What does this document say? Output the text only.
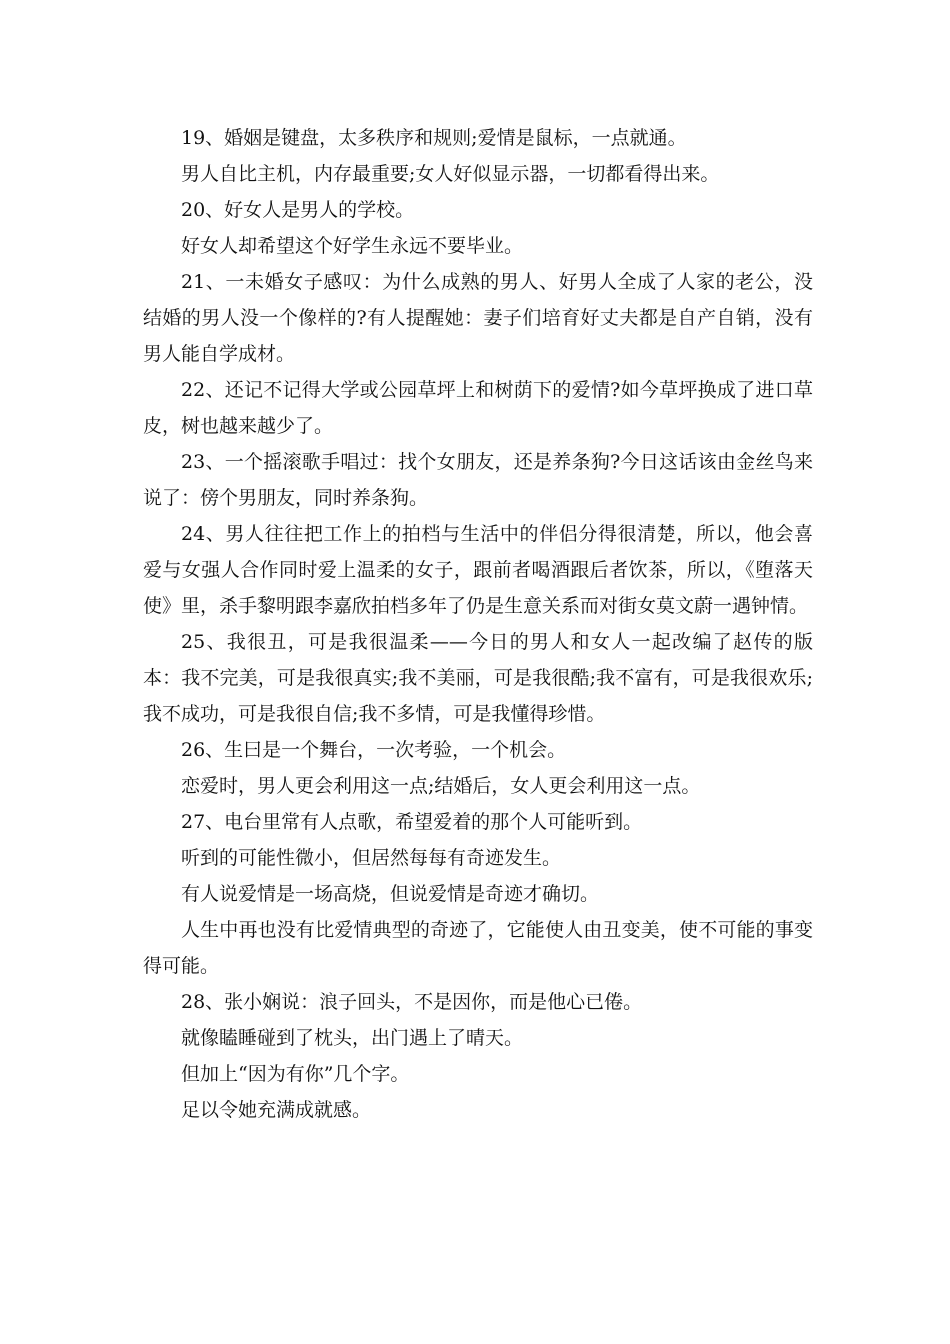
19、婚姻是键盘，太多秩序和规则;爱情是鼠标，一点就通。

男人自比主机，内存最重要;女人好似显示器，一切都看得出来。

20、好女人是男人的学校。

好女人却希望这个好学生永远不要毕业。

21、一未婚女子感叹：为什么成熟的男人、好男人全成了人家的老公，没结婚的男人没一个像样的?有人提醒她：妻子们培育好丈夫都是自产自销，没有男人能自学成材。

22、还记不记得大学或公园草坪上和树荫下的爱情?如今草坪换成了进口草皮，树也越来越少了。

23、一个摇滚歌手唱过：找个女朋友，还是养条狗?今日这话该由金丝鸟来说了：傍个男朋友，同时养条狗。

24、男人往往把工作上的拍档与生活中的伴侣分得很清楚，所以，他会喜爱与女强人合作同时爱上温柔的女子，跟前者喝酒跟后者饮茶，所以，《堕落天使》里，杀手黎明跟李嘉欣拍档多年了仍是生意关系而对街女莫文蔚一遇钟情。

25、我很丑，可是我很温柔——今日的男人和女人一起改编了赵传的版本：我不完美，可是我很真实;我不美丽，可是我很酷;我不富有，可是我很欢乐;我不成功，可是我很自信;我不多情，可是我懂得珍惜。

26、生曰是一个舞台，一次考验，一个机会。

恋爱时，男人更会利用这一点;结婚后，女人更会利用这一点。

27、电台里常有人点歌，希望爱着的那个人可能听到。

听到的可能性微小，但居然每每有奇迹发生。

有人说爱情是一场高烧，但说爱情是奇迹才确切。

人生中再也没有比爱情典型的奇迹了，它能使人由丑变美，使不可能的事变得可能。

28、张小娴说：浪子回头，不是因你，而是他心已倦。

就像瞌睡碰到了枕头，出门遇上了晴天。

但加上“因为有你”几个字。

足以令她充满成就感。
